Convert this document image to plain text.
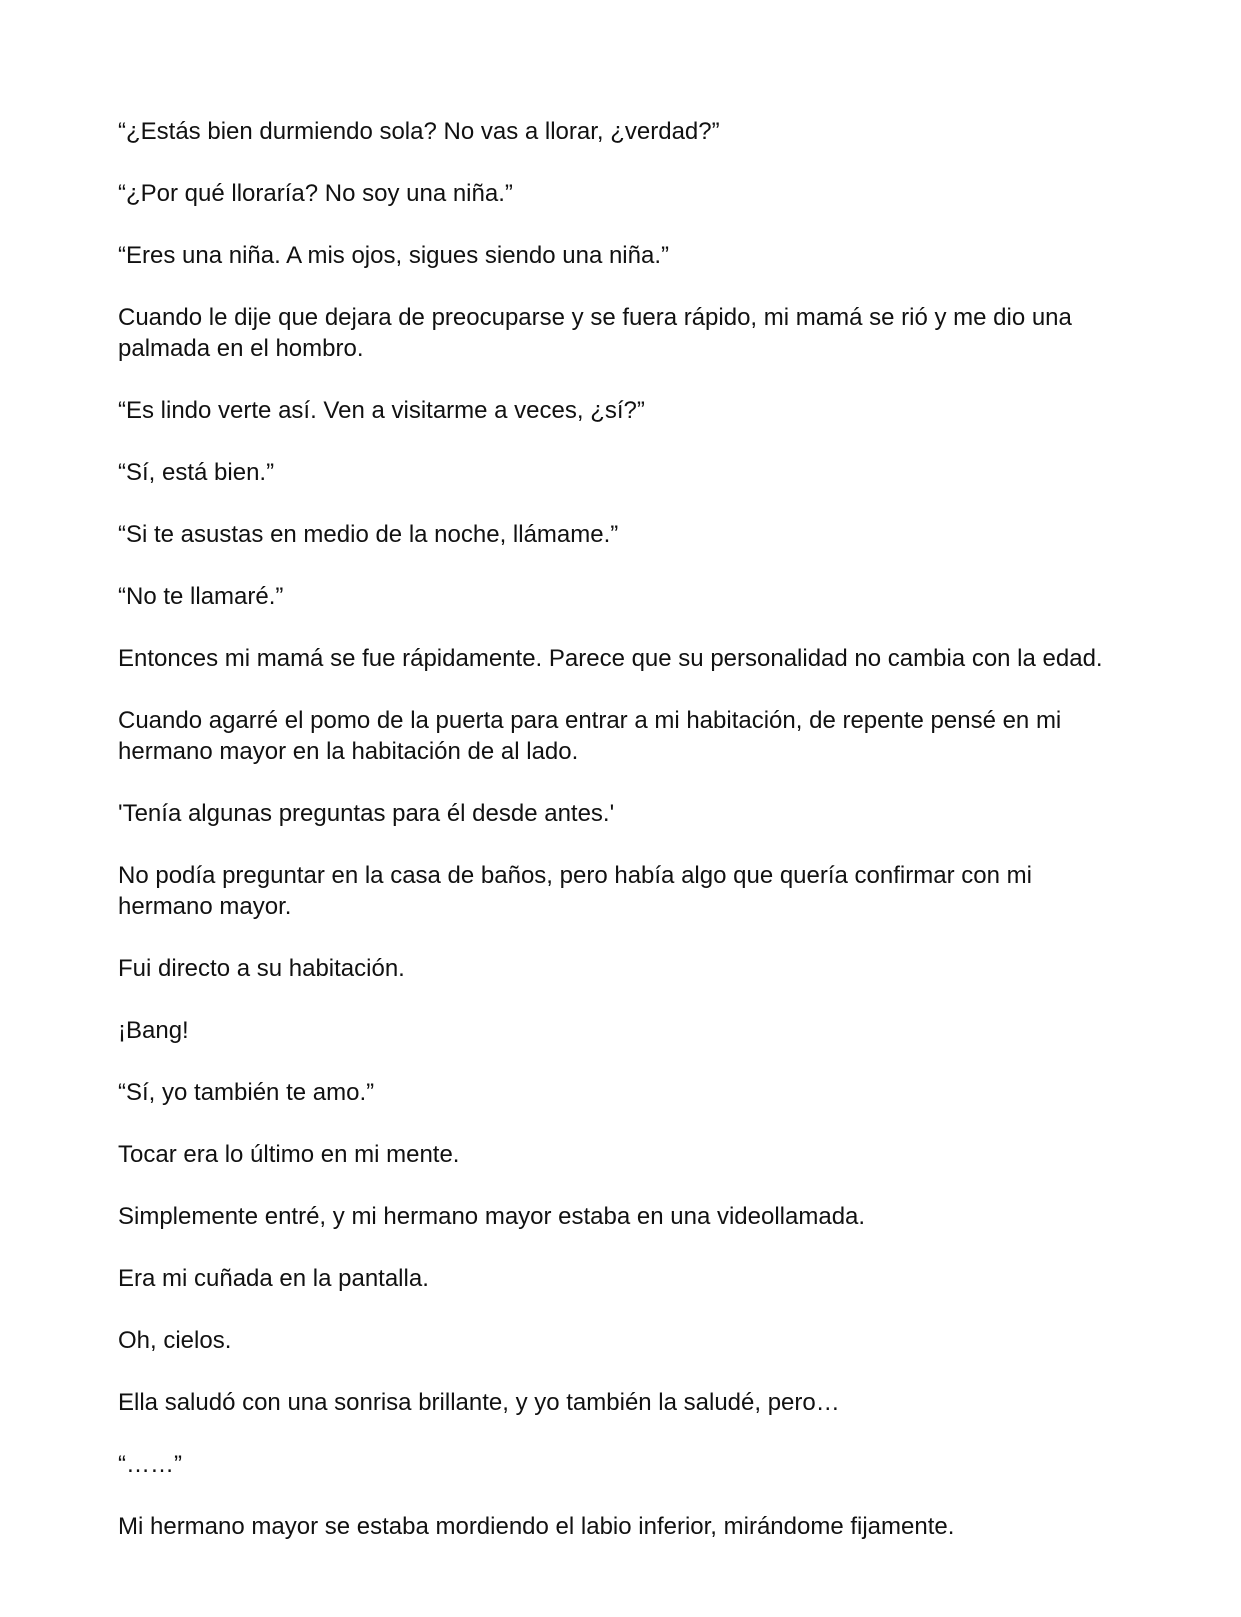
“¿Estás bien durmiendo sola? No vas a llorar, ¿verdad?”

“¿Por qué lloraría? No soy una niña.”

“Eres una niña. A mis ojos, sigues siendo una niña.”

Cuando le dije que dejara de preocuparse y se fuera rápido, mi mamá se rió y me dio una palmada en el hombro.

“Es lindo verte así. Ven a visitarme a veces, ¿sí?”

“Sí, está bien.”

“Si te asustas en medio de la noche, llámame.”

“No te llamaré.”

Entonces mi mamá se fue rápidamente. Parece que su personalidad no cambia con la edad.

Cuando agarré el pomo de la puerta para entrar a mi habitación, de repente pensé en mi hermano mayor en la habitación de al lado.

'Tenía algunas preguntas para él desde antes.'

No podía preguntar en la casa de baños, pero había algo que quería confirmar con mi hermano mayor.

Fui directo a su habitación.

¡Bang!

“Sí, yo también te amo.”

Tocar era lo último en mi mente.

Simplemente entré, y mi hermano mayor estaba en una videollamada.

Era mi cuñada en la pantalla.

Oh, cielos.

Ella saludó con una sonrisa brillante, y yo también la saludé, pero…

“……”

Mi hermano mayor se estaba mordiendo el labio inferior, mirándome fijamente.
